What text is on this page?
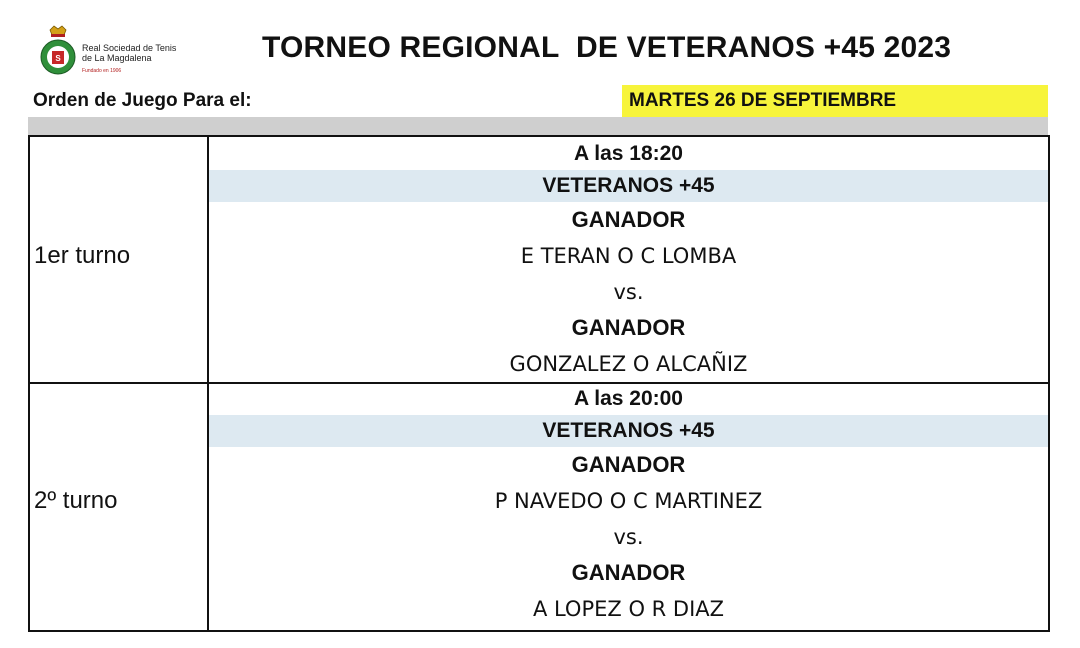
S
Real Sociedad de Tenis
de La Magdalena
Fundado en 1906
TORNEO REGIONAL  DE VETERANOS +45 2023
Orden de Juego Para el:	MARTES 26 DE SEPTIEMBRE
1er turno
A las 18:20
VETERANOS +45
GANADOR
E TERAN O C LOMBA
vs.
GANADOR
GONZALEZ O ALCAÑIZ
2º turno
A las 20:00
VETERANOS +45
GANADOR
P NAVEDO O C MARTINEZ
vs.
GANADOR
A LOPEZ O R DIAZ
